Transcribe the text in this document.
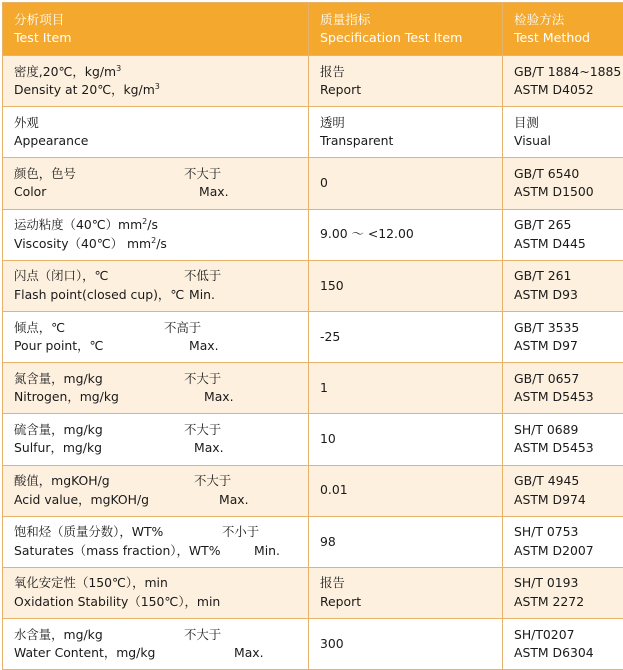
分析项目
Test Item	质量指标
Specification Test Item	检验方法
Test Method

密度,20℃，$kg/m^3$
Density at 20℃，$kg/m^3$	报告
Report	GB/T 1884~1885
ASTM D4052

外观
Appearance	透明
Transparent	目测
Visual

颜色，色号 不大于
Color Max.	0	GB/T 6540
ASTM D1500

运动粘度$(40℃)mm^2/s$
Viscosity（40℃） $mm^2/s$	9.00 ～ <12.00	GB/T 265
ASTM D445

闪点（闭口），℃ 不低于
Flash point(closed cup)，℃ Min.	150	GB/T 261
ASTM D93

倾点，℃ 不高于
Pour point，℃ Max.	-25	GB/T 3535
ASTM D97

氮含量，mg/kg 不大于
Nitrogen，mg/kg Max.	1	GB/T 0657
ASTM D5453

硫含量，mg/kg 不大于
Sulfur，mg/kg Max.	10	SH/T 0689
ASTM D5453

酸值，mgKOH/g 不大于
Acid value，mgKOH/g Max.	0.01	GB/T 4945
ASTM D974

饱和烃（质量分数），WT% 不小于
Saturates（mass fraction），WT% Min.	98	SH/T 0753
ASTM D2007

氧化安定性（150℃），min
Oxidation Stability（150℃），min	报告
Report	SH/T 0193
ASTM 2272

水含量，mg/kg 不大于
Water Content，mg/kg Max.	300	SH/T0207
ASTM D6304
